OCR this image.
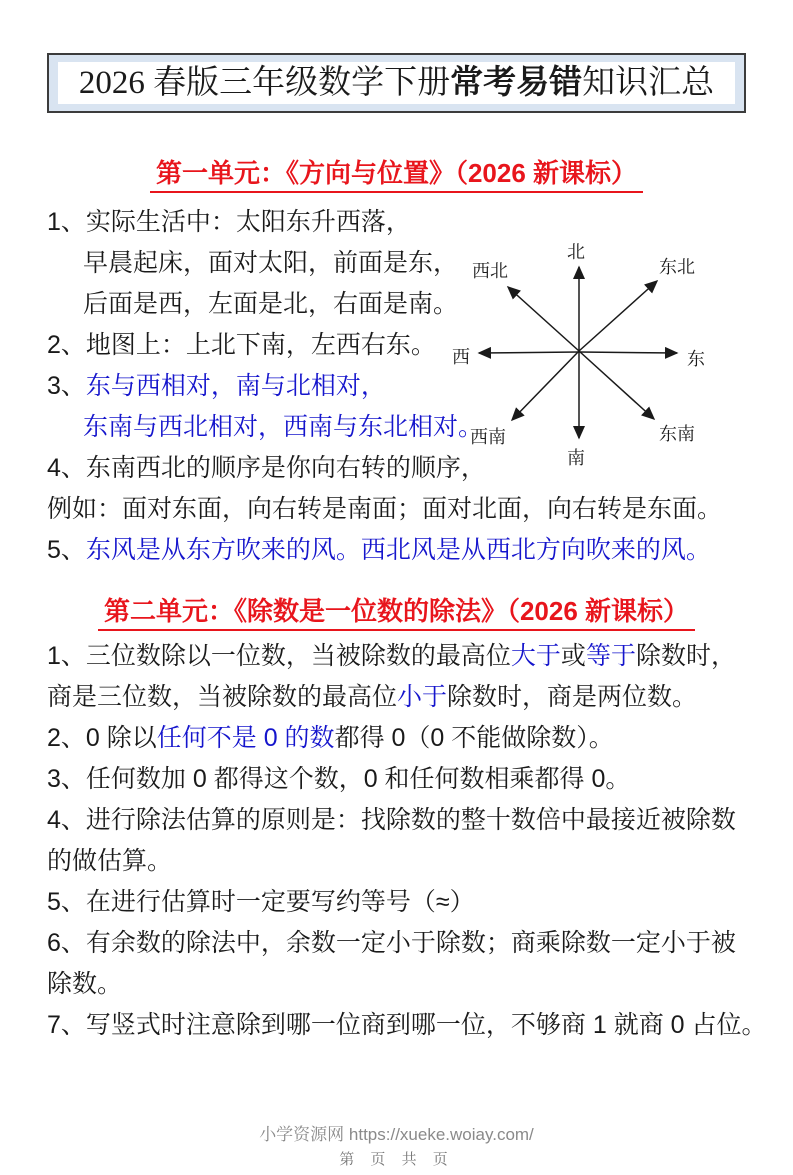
2026 春版三年级数学下册常考易错知识汇总
第一单元：《方向与位置》（2026 新课标）
1、实际生活中：太阳东升西落，
早晨起床，面对太阳，前面是东，
后面是西，左面是北，右面是南。
2、地图上：上北下南，左西右东。
3、东与西相对，南与北相对，
东南与西北相对，西南与东北相对。
4、东南西北的顺序是你向右转的顺序，
例如：面对东面，向右转是南面；面对北面，向右转是东面。
5、东风是从东方吹来的风。西北风是从西北方向吹来的风。
北
南
西	东
西北	东北
西南	东南
第二单元：《除数是一位数的除法》（2026 新课标）
1、三位数除以一位数，当被除数的最高位大于或等于除数时，
商是三位数，当被除数的最高位小于除数时，商是两位数。
2、0 除以任何不是 0 的数都得 0（0 不能做除数）。
3、任何数加 0 都得这个数，0 和任何数相乘都得 0。
4、进行除法估算的原则是：找除数的整十数倍中最接近被除数
的做估算。
5、在进行估算时一定要写约等号（≈）
6、有余数的除法中，余数一定小于除数；商乘除数一定小于被
除数。
7、写竖式时注意除到哪一位商到哪一位，不够商 1 就商 0 占位。
小学资源网 https://xueke.woiay.com/
第 页 共 页
